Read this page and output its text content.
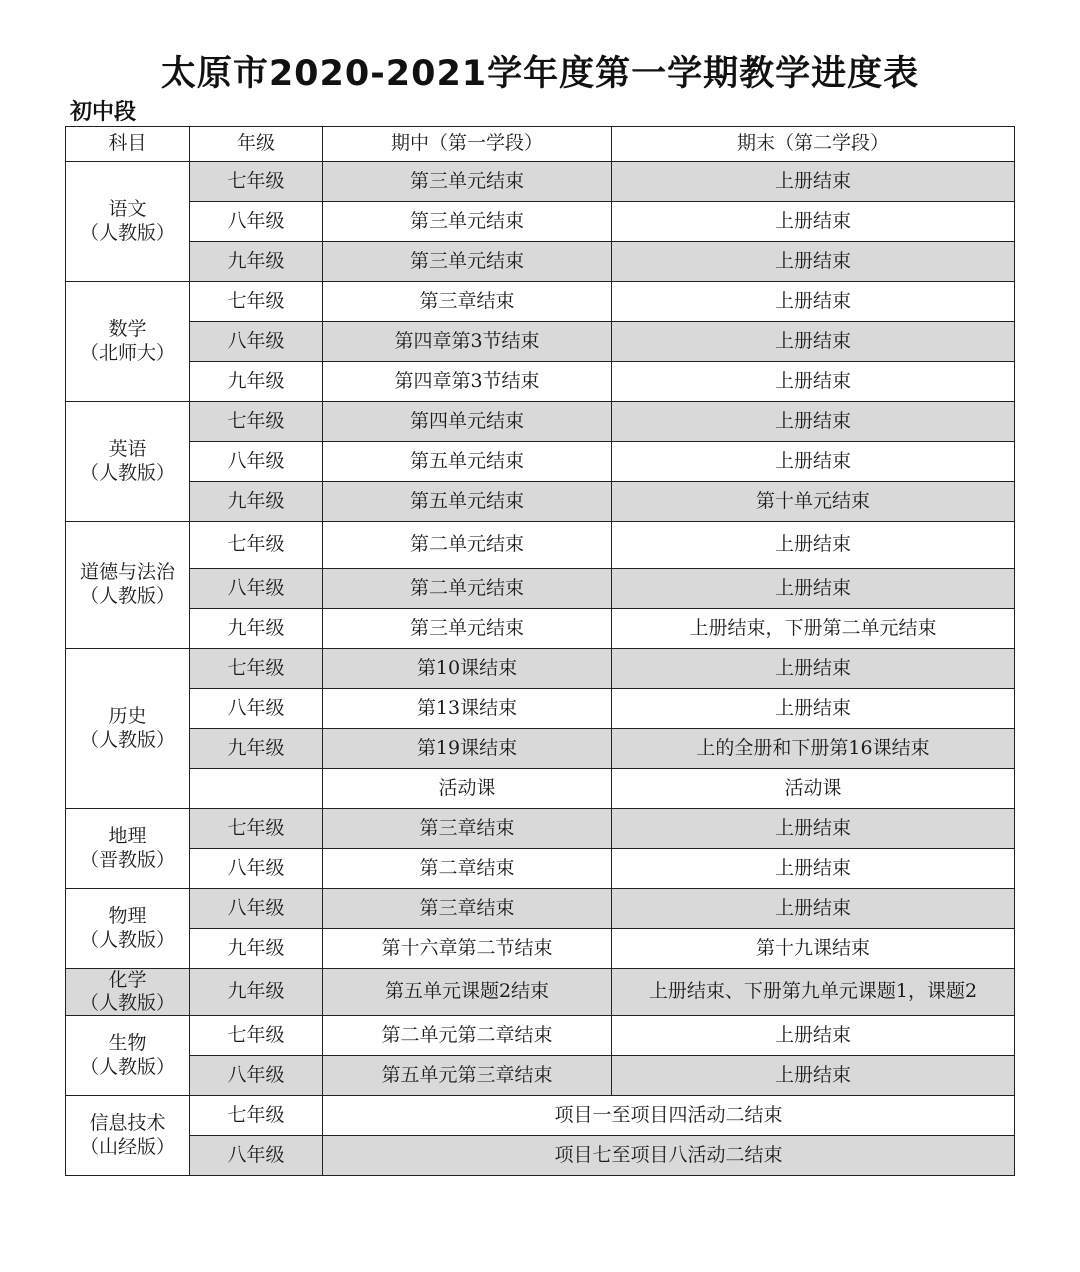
太原市2020-2021学年度第一学期教学进度表
初中段
科目	年级	期中（第一学段）	期末（第二学段）

语文
（人教版）	七年级	第三单元结束	上册结束
	八年级	第三单元结束	上册结束
	九年级	第三单元结束	上册结束

数学
（北师大）	七年级	第三章结束	上册结束
	八年级	第四章第3节结束	上册结束
	九年级	第四章第3节结束	上册结束

英语
（人教版）	七年级	第四单元结束	上册结束
	八年级	第五单元结束	上册结束
	九年级	第五单元结束	第十单元结束

道德与法治
（人教版）	七年级	第二单元结束	上册结束
	八年级	第二单元结束	上册结束
	九年级	第三单元结束	上册结束，下册第二单元结束

历史
（人教版）	七年级	第10课结束	上册结束
	八年级	第13课结束	上册结束
	九年级	第19课结束	上的全册和下册第16课结束
		活动课	活动课

地理
（晋教版）	七年级	第三章结束	上册结束
	八年级	第二章结束	上册结束

物理
（人教版）	八年级	第三章结束	上册结束
	九年级	第十六章第二节结束	第十九课结束

化学
（人教版）	九年级	第五单元课题2结束	上册结束、下册第九单元课题1，课题2

生物
（人教版）	七年级	第二单元第二章结束	上册结束
	八年级	第五单元第三章结束	上册结束

信息技术
（山经版）	七年级	项目一至项目四活动二结束	
	八年级	项目七至项目八活动二结束	
